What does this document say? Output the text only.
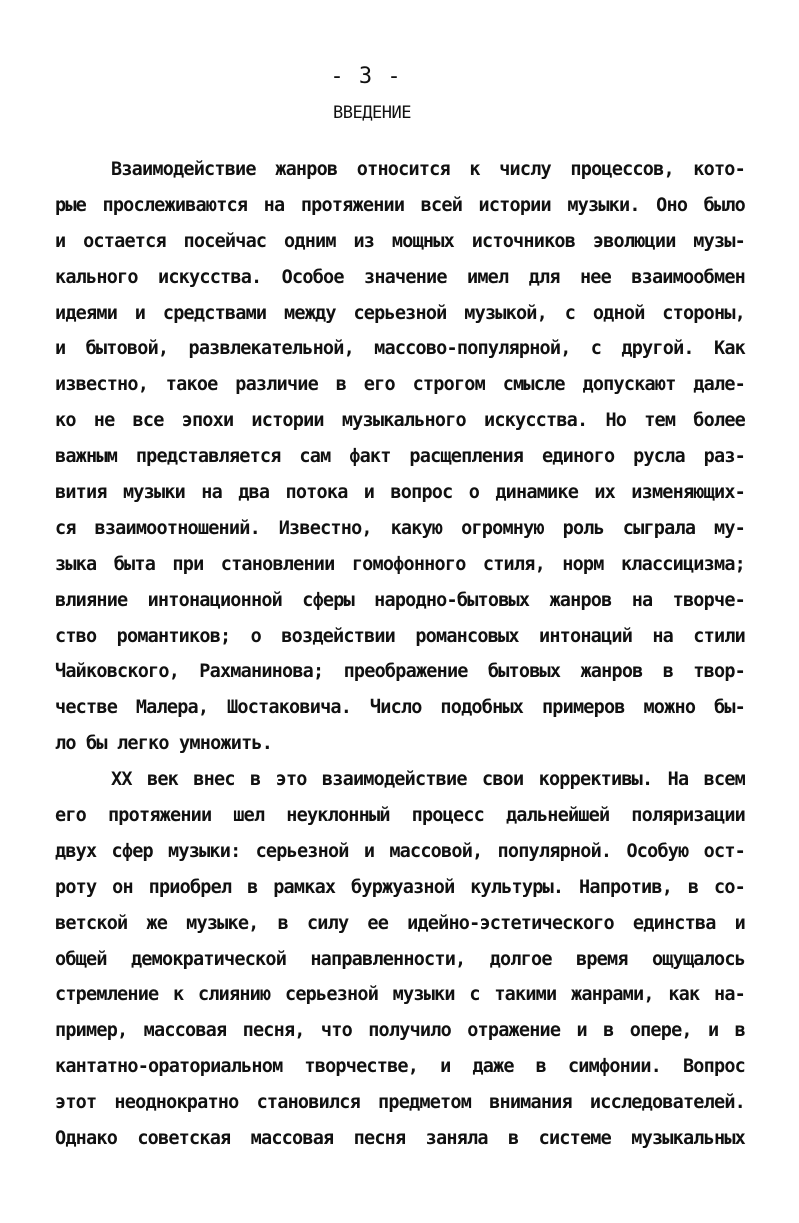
- 3 -
ВВЕДЕНИЕ
Взаимодействие жанров относится к числу процессов, кото-
рые прослеживаются на протяжении всей истории музыки. Оно было
и остается посейчас одним из мощных источников эволюции музы-
кального искусства. Особое значение имел для нее взаимообмен
идеями и средствами между серьезной музыкой, с одной стороны,
и бытовой, развлекательной, массово-популярной, с другой. Как
известно, такое различие в его строгом смысле допускают дале-
ко не все эпохи истории музыкального искусства. Но тем более
важным представляется сам факт расщепления единого русла раз-
вития музыки на два потока и вопрос о динамике их изменяющих-
ся взаимоотношений. Известно, какую огромную роль сыграла му-
зыка быта при становлении гомофонного стиля, норм классицизма;
влияние интонационной сферы народно-бытовых жанров на творче-
ство романтиков; о воздействии романсовых интонаций на стили
Чайковского, Рахманинова; преображение бытовых жанров в твор-
честве Малера, Шостаковича. Число подобных примеров можно бы-
ло бы легко умножить.
XX век внес в это взаимодействие свои коррективы. На всем
его протяжении шел неуклонный процесс дальнейшей поляризации
двух сфер музыки: серьезной и массовой, популярной. Особую ост-
роту он приобрел в рамках буржуазной культуры. Напротив, в со-
ветской же музыке, в силу ее идейно-эстетического единства и
общей демократической направленности, долгое время ощущалось
стремление к слиянию серьезной музыки с такими жанрами, как на-
пример, массовая песня, что получило отражение и в опере, и в
кантатно-ораториальном творчестве, и даже в симфонии. Вопрос
этот неоднократно становился предметом внимания исследователей.
Однако советская массовая песня заняла в системе музыкальных
